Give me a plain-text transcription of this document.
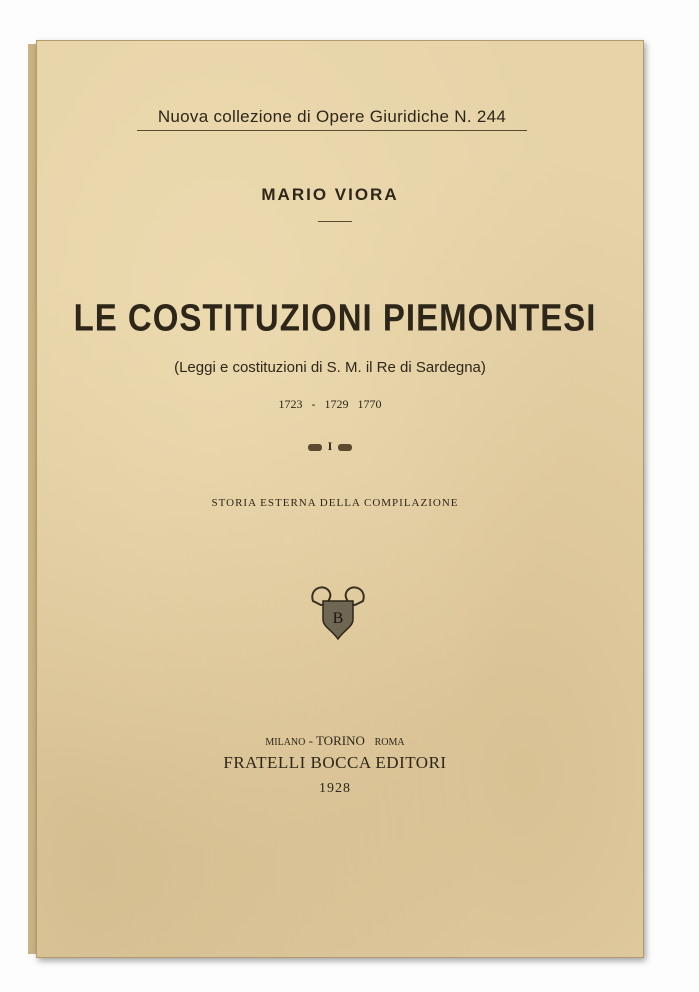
Nuova collezione di Opere Giuridiche N. 244
MARIO VIORA
LE COSTITUZIONI PIEMONTESI
(Leggi e costituzioni di S. M. il Re di Sardegna)
1723 - 1729 1770
I
STORIA ESTERNA DELLA COMPILAZIONE
B
MILANO - TORINO ROMA
FRATELLI BOCCA EDITORI
1928
